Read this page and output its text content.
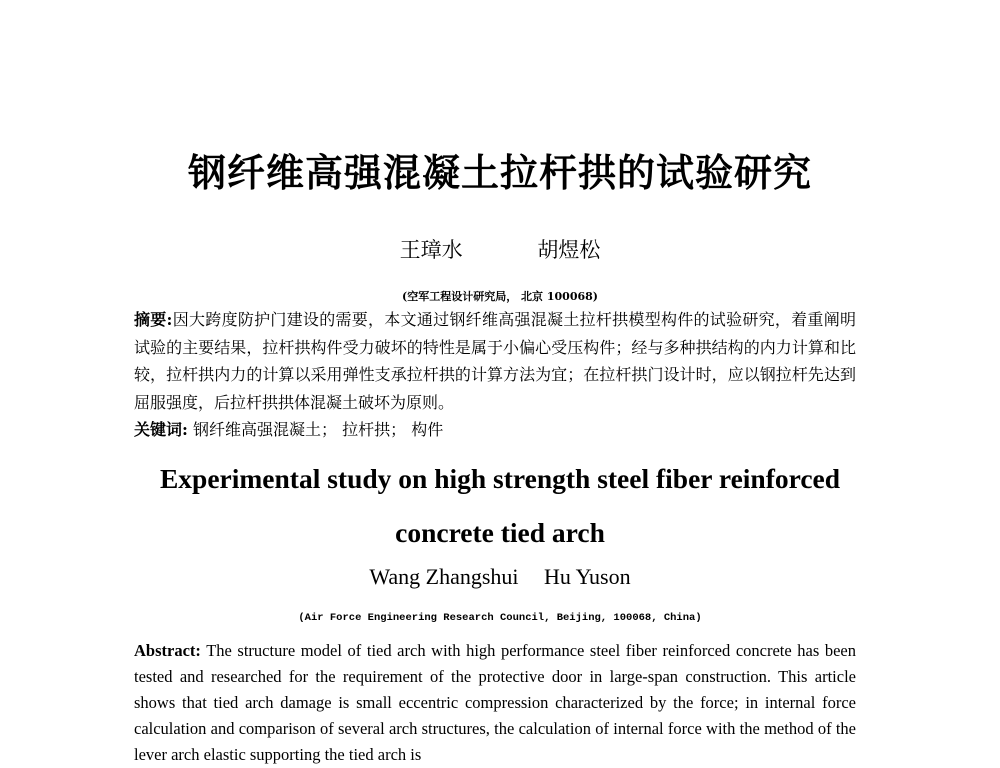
钢纤维高强混凝土拉杆拱的试验研究
王璋水	胡煜松
(空军工程设计研究局， 北京 100068)
摘要:因大跨度防护门建设的需要，本文通过钢纤维高强混凝土拉杆拱模型构件的试验研究，着重阐明试验的主要结果，拉杆拱构件受力破坏的特性是属于小偏心受压构件；经与多种拱结构的内力计算和比较，拉杆拱内力的计算以采用弹性支承拉杆拱的计算方法为宜；在拉杆拱门设计时，应以钢拉杆先达到屈服强度，后拉杆拱拱体混凝土破坏为原则。
关键词: 钢纤维高强混凝土； 拉杆拱； 构件
Experimental study on high strength steel fiber reinforced
concrete tied arch
Wang Zhangshui Hu Yuson
(Air Force Engineering Research Council, Beijing, 100068, China)
Abstract: The structure model of tied arch with high performance steel fiber reinforced concrete has been tested and researched for the requirement of the protective door in large-span construction. This article shows that tied arch damage is small eccentric compression characterized by the force; in internal force calculation and comparison of several arch structures, the calculation of internal force with the method of the lever arch elastic supporting the tied arch is
